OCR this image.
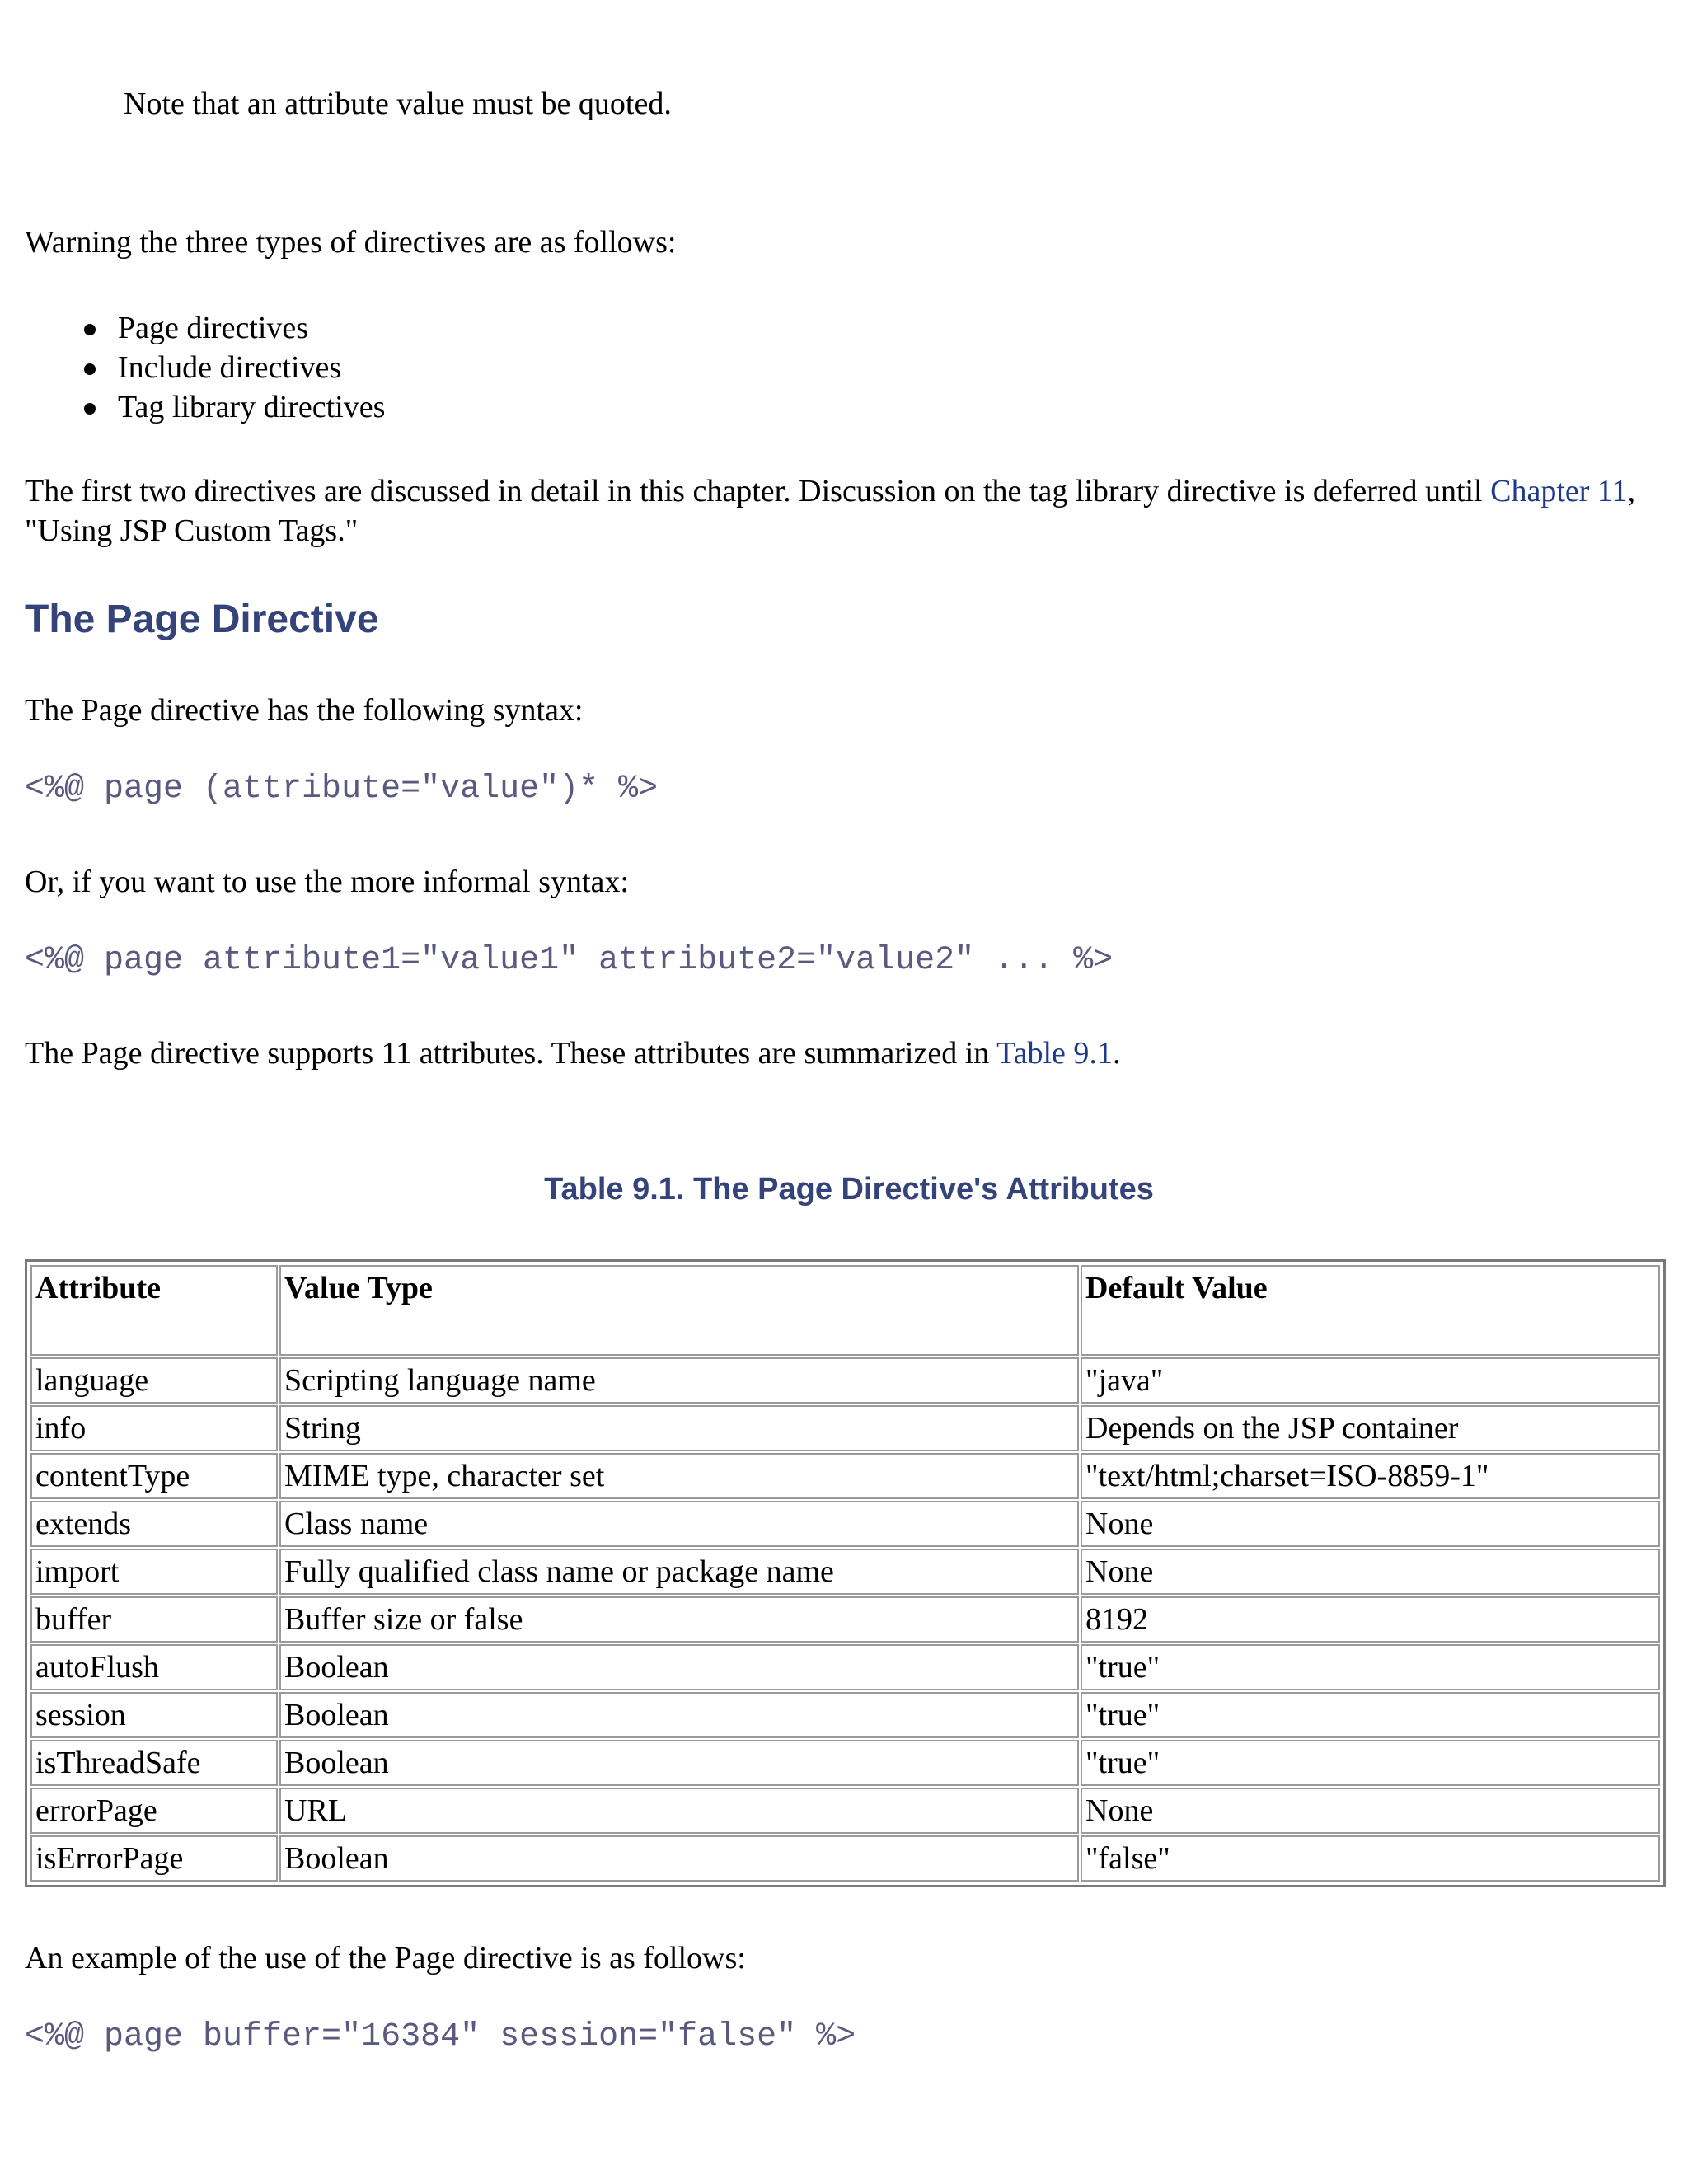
Note that an attribute value must be quoted.

Warning the three types of directives are as follows:

Page directives
Include directives
Tag library directives

The first two directives are discussed in detail in this chapter. Discussion on the tag library directive is deferred until Chapter 11, "Using JSP Custom Tags."

The Page Directive

The Page directive has the following syntax:

<%@ page (attribute="value")* %>

Or, if you want to use the more informal syntax:

<%@ page attribute1="value1" attribute2="value2" ... %>

The Page directive supports 11 attributes. These attributes are summarized in Table 9.1.

Table 9.1. The Page Directive's Attributes
Attribute	Value Type	Default Value
language	Scripting language name	"java"
info	String	Depends on the JSP container
contentType	MIME type, character set	"text/html;charset=ISO-8859-1"
extends	Class name	None
import	Fully qualified class name or package name	None
buffer	Buffer size or false	8192
autoFlush	Boolean	"true"
session	Boolean	"true"
isThreadSafe	Boolean	"true"
errorPage	URL	None
isErrorPage	Boolean	"false"

An example of the use of the Page directive is as follows:

<%@ page buffer="16384" session="false" %>
